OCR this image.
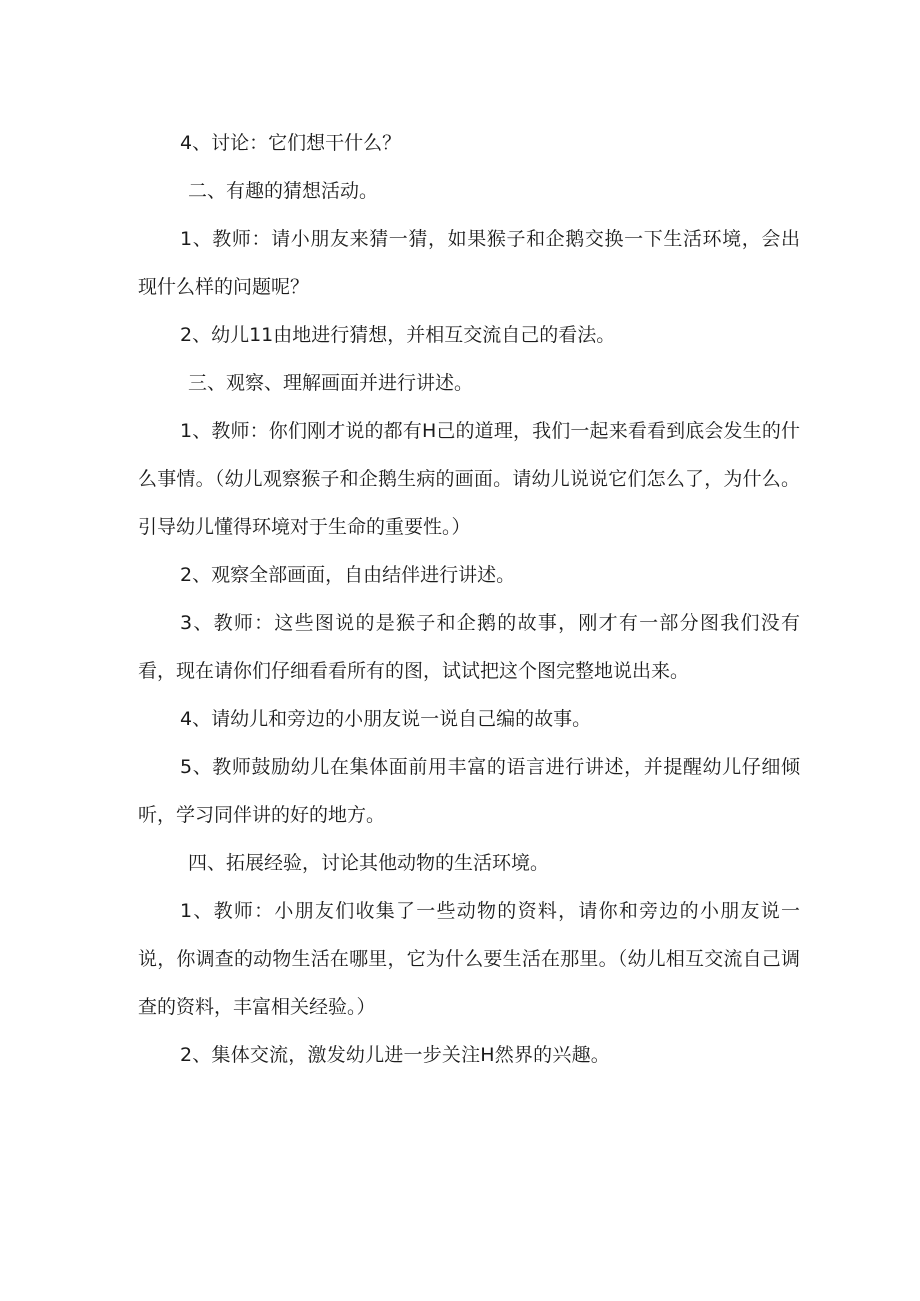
4、讨论：它们想干什么？

二、有趣的猜想活动。

1、教师：请小朋友来猜一猜，如果猴子和企鹅交换一下生活环境，会出现什么样的问题呢？

2、幼儿11由地进行猜想，并相互交流自己的看法。

三、观察、理解画面并进行讲述。

1、教师：你们刚才说的都有H己的道理，我们一起来看看到底会发生的什么事情。（幼儿观察猴子和企鹅生病的画面。请幼儿说说它们怎么了，为什么。引导幼儿懂得环境对于生命的重要性。）

2、观察全部画面，自由结伴进行讲述。

3、教师：这些图说的是猴子和企鹅的故事，刚才有一部分图我们没有看，现在请你们仔细看看所有的图，试试把这个图完整地说出来。

4、请幼儿和旁边的小朋友说一说自己编的故事。

5、教师鼓励幼儿在集体面前用丰富的语言进行讲述，并提醒幼儿仔细倾听，学习同伴讲的好的地方。

四、拓展经验，讨论其他动物的生活环境。

1、教师：小朋友们收集了一些动物的资料，请你和旁边的小朋友说一说，你调查的动物生活在哪里，它为什么要生活在那里。（幼儿相互交流自己调查的资料，丰富相关经验。）

2、集体交流，激发幼儿进一步关注H然界的兴趣。
